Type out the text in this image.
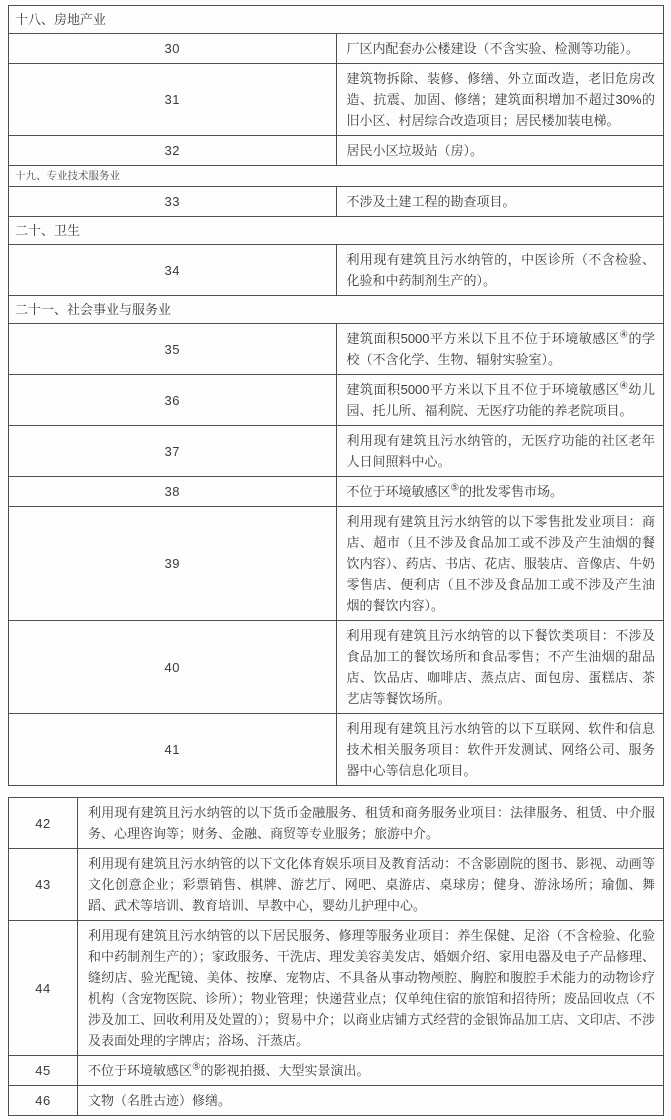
十八、房地产业	
30	厂区内配套办公楼建设（不含实验、检测等功能）。
31	建筑物拆除、装修、修缮、外立面改造，老旧危房改造、抗震、加固、修缮；建筑面积增加不超过30%的旧小区、村居综合改造项目；居民楼加装电梯。
32	居民小区垃圾站（房）。
十九、专业技术服务业	
33	不涉及土建工程的勘查项目。
二十、卫生	
34	利用现有建筑且污水纳管的，中医诊所（不含检验、化验和中药制剂生产的）。
二十一、社会事业与服务业	
35	建筑面积5000平方米以下且不位于环境敏感区④的学校（不含化学、生物、辐射实验室）。
36	建筑面积5000平方米以下且不位于环境敏感区④幼儿园、托儿所、福利院、无医疗功能的养老院项目。
37	利用现有建筑且污水纳管的，无医疗功能的社区老年人日间照料中心。
38	不位于环境敏感区⑤的批发零售市场。
39	利用现有建筑且污水纳管的以下零售批发业项目：商店、超市（且不涉及食品加工或不涉及产生油烟的餐饮内容）、药店、书店、花店、服装店、音像店、牛奶零售店、便利店（且不涉及食品加工或不涉及产生油烟的餐饮内容）。
40	利用现有建筑且污水纳管的以下餐饮类项目：不涉及食品加工的餐饮场所和食品零售；不产生油烟的甜品店、饮品店、咖啡店、蒸点店、面包房、蛋糕店、茶艺店等餐饮场所。
41	利用现有建筑且污水纳管的以下互联网、软件和信息技术相关服务项目：软件开发测试、网络公司、服务器中心等信息化项目。
42	利用现有建筑且污水纳管的以下货币金融服务、租赁和商务服务业项目：法律服务、租赁、中介服务、心理咨询等；财务、金融、商贸等专业服务；旅游中介。
43	利用现有建筑且污水纳管的以下文化体育娱乐项目及教育活动：不含影剧院的图书、影视、动画等文化创意企业；彩票销售、棋牌、游艺厅、网吧、桌游店、桌球房；健身、游泳场所；瑜伽、舞蹈、武术等培训、教育培训、早教中心，婴幼儿护理中心。
44	利用现有建筑且污水纳管的以下居民服务、修理等服务业项目：养生保健、足浴（不含检验、化验和中药制剂生产的）；家政服务、干洗店、理发美容美发店、婚姻介绍、家用电器及电子产品修理、缝纫店、验光配镜、美体、按摩、宠物店、不具备从事动物颅腔、胸腔和腹腔手术能力的动物诊疗机构（含宠物医院、诊所）；物业管理；快递营业点；仅单纯住宿的旅馆和招待所；废品回收点（不涉及加工、回收利用及处置的）；贸易中介；以商业店铺方式经营的金银饰品加工店、文印店、不涉及表面处理的字牌店；浴场、汗蒸店。
45	不位于环境敏感区⑤的影视拍摄、大型实景演出。
46	文物（名胜古迹）修缮。
